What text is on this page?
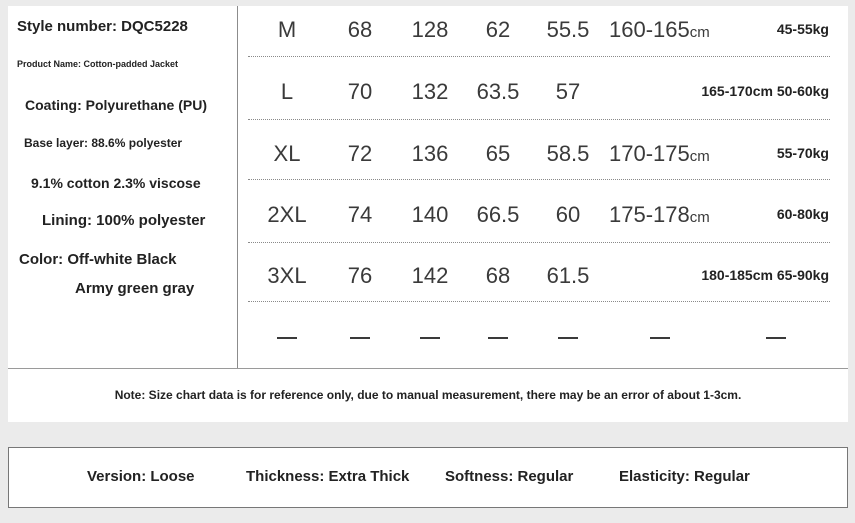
Style number: DQC5228
Product Name: Cotton-padded Jacket
Coating: Polyurethane (PU)
Base layer: 88.6% polyester
9.1% cotton 2.3% viscose
Lining: 100% polyester
Color: Off-white Black
Army green gray
M 68 128 62 55.5 160-165cm	45-55kg
L 70 132 63.5 57	165-170cm 50-60kg
XL 72 136 65 58.5 170-175cm	55-70kg
2XL 74 140 66.5 60 175-178cm	60-80kg
3XL 76 142 68 61.5	180-185cm 65-90kg
Note: Size chart data is for reference only, due to manual measurement, there may be an error of about 1-3cm.
Version: Loose	Thickness: Extra Thick Softness: Regular	Elasticity: Regular
